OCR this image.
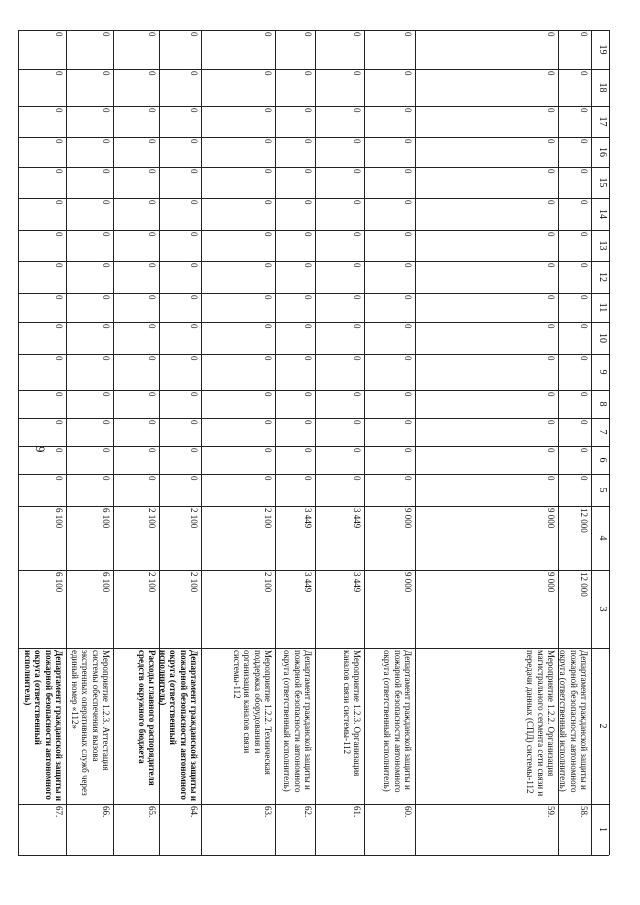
9
1
2
3
4
5
6
7
8
9
10
11
12
13
14
15
16
17
18
19
58.
Департамент гражданской защиты и пожарной безопасности автономного округа (ответственный исполнитель)
12 000
12 000
0
0
0
0
0
0
0
0
0
0
0
0
0
0
0
59.
Мероприятие 1.2.2. Организация магистрального сегмента сети связи и передачи данных (СПД) системы-112
9 000
9 000
0
0
0
0
0
0
0
0
0
0
0
0
0
0
0
60.
Департамент гражданской защиты и пожарной безопасности автономного округа (ответственный исполнитель)
9 000
9 000
0
0
0
0
0
0
0
0
0
0
0
0
0
0
0
61.
Мероприятие 1.2.3. Организация каналов связи системы-112
3 449
3 449
0
0
0
0
0
0
0
0
0
0
0
0
0
0
0
62.
Департамент гражданской защиты и пожарной безопасности автономного округа (ответственный исполнитель)
3 449
3 449
0
0
0
0
0
0
0
0
0
0
0
0
0
0
0
63.
Мероприятие 1.2.2. Техническая поддержка оборудования и организация каналов связи системы-112
2 100
2 100
0
0
0
0
0
0
0
0
0
0
0
0
0
0
0
64.
Департамент гражданской защиты и пожарной безопасности автономного округа (ответственный исполнитель)
2 100
2 100
0
0
0
0
0
0
0
0
0
0
0
0
0
0
0
65.
Расходы главного распорядителя средств окружного бюджета
2 100
2 100
0
0
0
0
0
0
0
0
0
0
0
0
0
0
0
66.
Мероприятие 1.2.3. Аттестация системы обеспечения вызова экстренных оперативных служб через единый номер «112»
6 100
6 100
0
0
0
0
0
0
0
0
0
0
0
0
0
0
0
67.
Департамент гражданской защиты и пожарной безопасности автономного округа (ответственный исполнитель)
6 100
6 100
0
0
0
0
0
0
0
0
0
0
0
0
0
0
0
